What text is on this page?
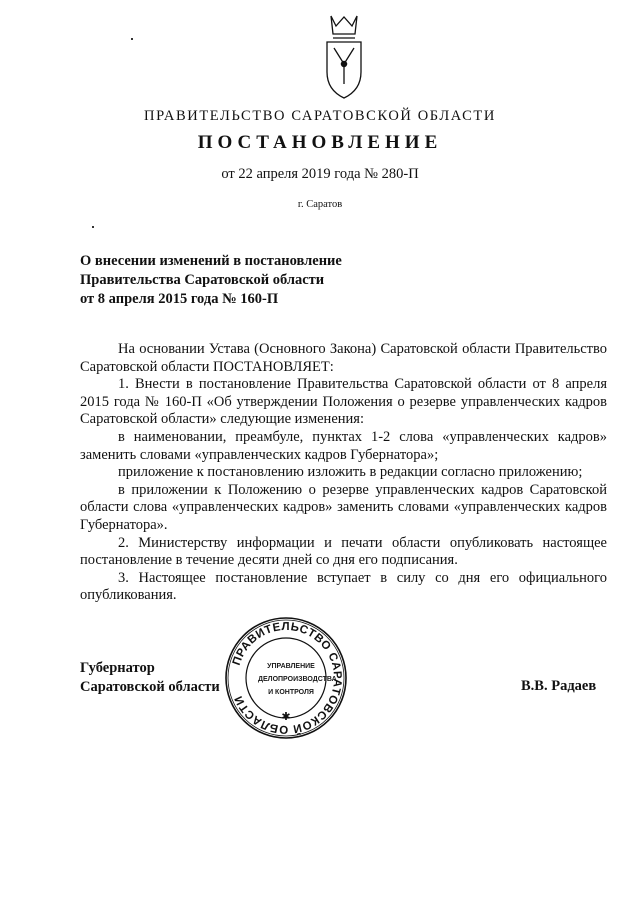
ПРАВИТЕЛЬСТВО САРАТОВСКОЙ ОБЛАСТИ
ПОСТАНОВЛЕНИЕ
от 22 апреля 2019 года № 280-П
г. Саратов
О внесении изменений в постановление
Правительства Саратовской области
от 8 апреля 2015 года № 160-П

На основании Устава (Основного Закона) Саратовской области Правительство Саратовской области ПОСТАНОВЛЯЕТ:

1. Внести в постановление Правительства Саратовской области от 8 апреля 2015 года № 160-П «Об утверждении Положения о резерве управленческих кадров Саратовской области» следующие изменения:

в наименовании, преамбуле, пунктах 1-2 слова «управленческих кадров» заменить словами «управленческих кадров Губернатора»;

приложение к постановлению изложить в редакции согласно приложению;

в приложении к Положению о резерве управленческих кадров Саратовской области слова «управленческих кадров» заменить словами «управленческих кадров Губернатора».

2. Министерству информации и печати области опубликовать настоящее постановление в течение десяти дней со дня его подписания.

3. Настоящее постановление вступает в силу со дня его официального опубликования.

Губернатор
Саратовской области	В.В. Радаев
ПРАВИТЕЛЬСТВО САРАТОВСКОЙ ОБЛАСТИ
✱
УПРАВЛЕНИЕ
ДЕЛОПРОИЗВОДСТВА
И КОНТРОЛЯ
